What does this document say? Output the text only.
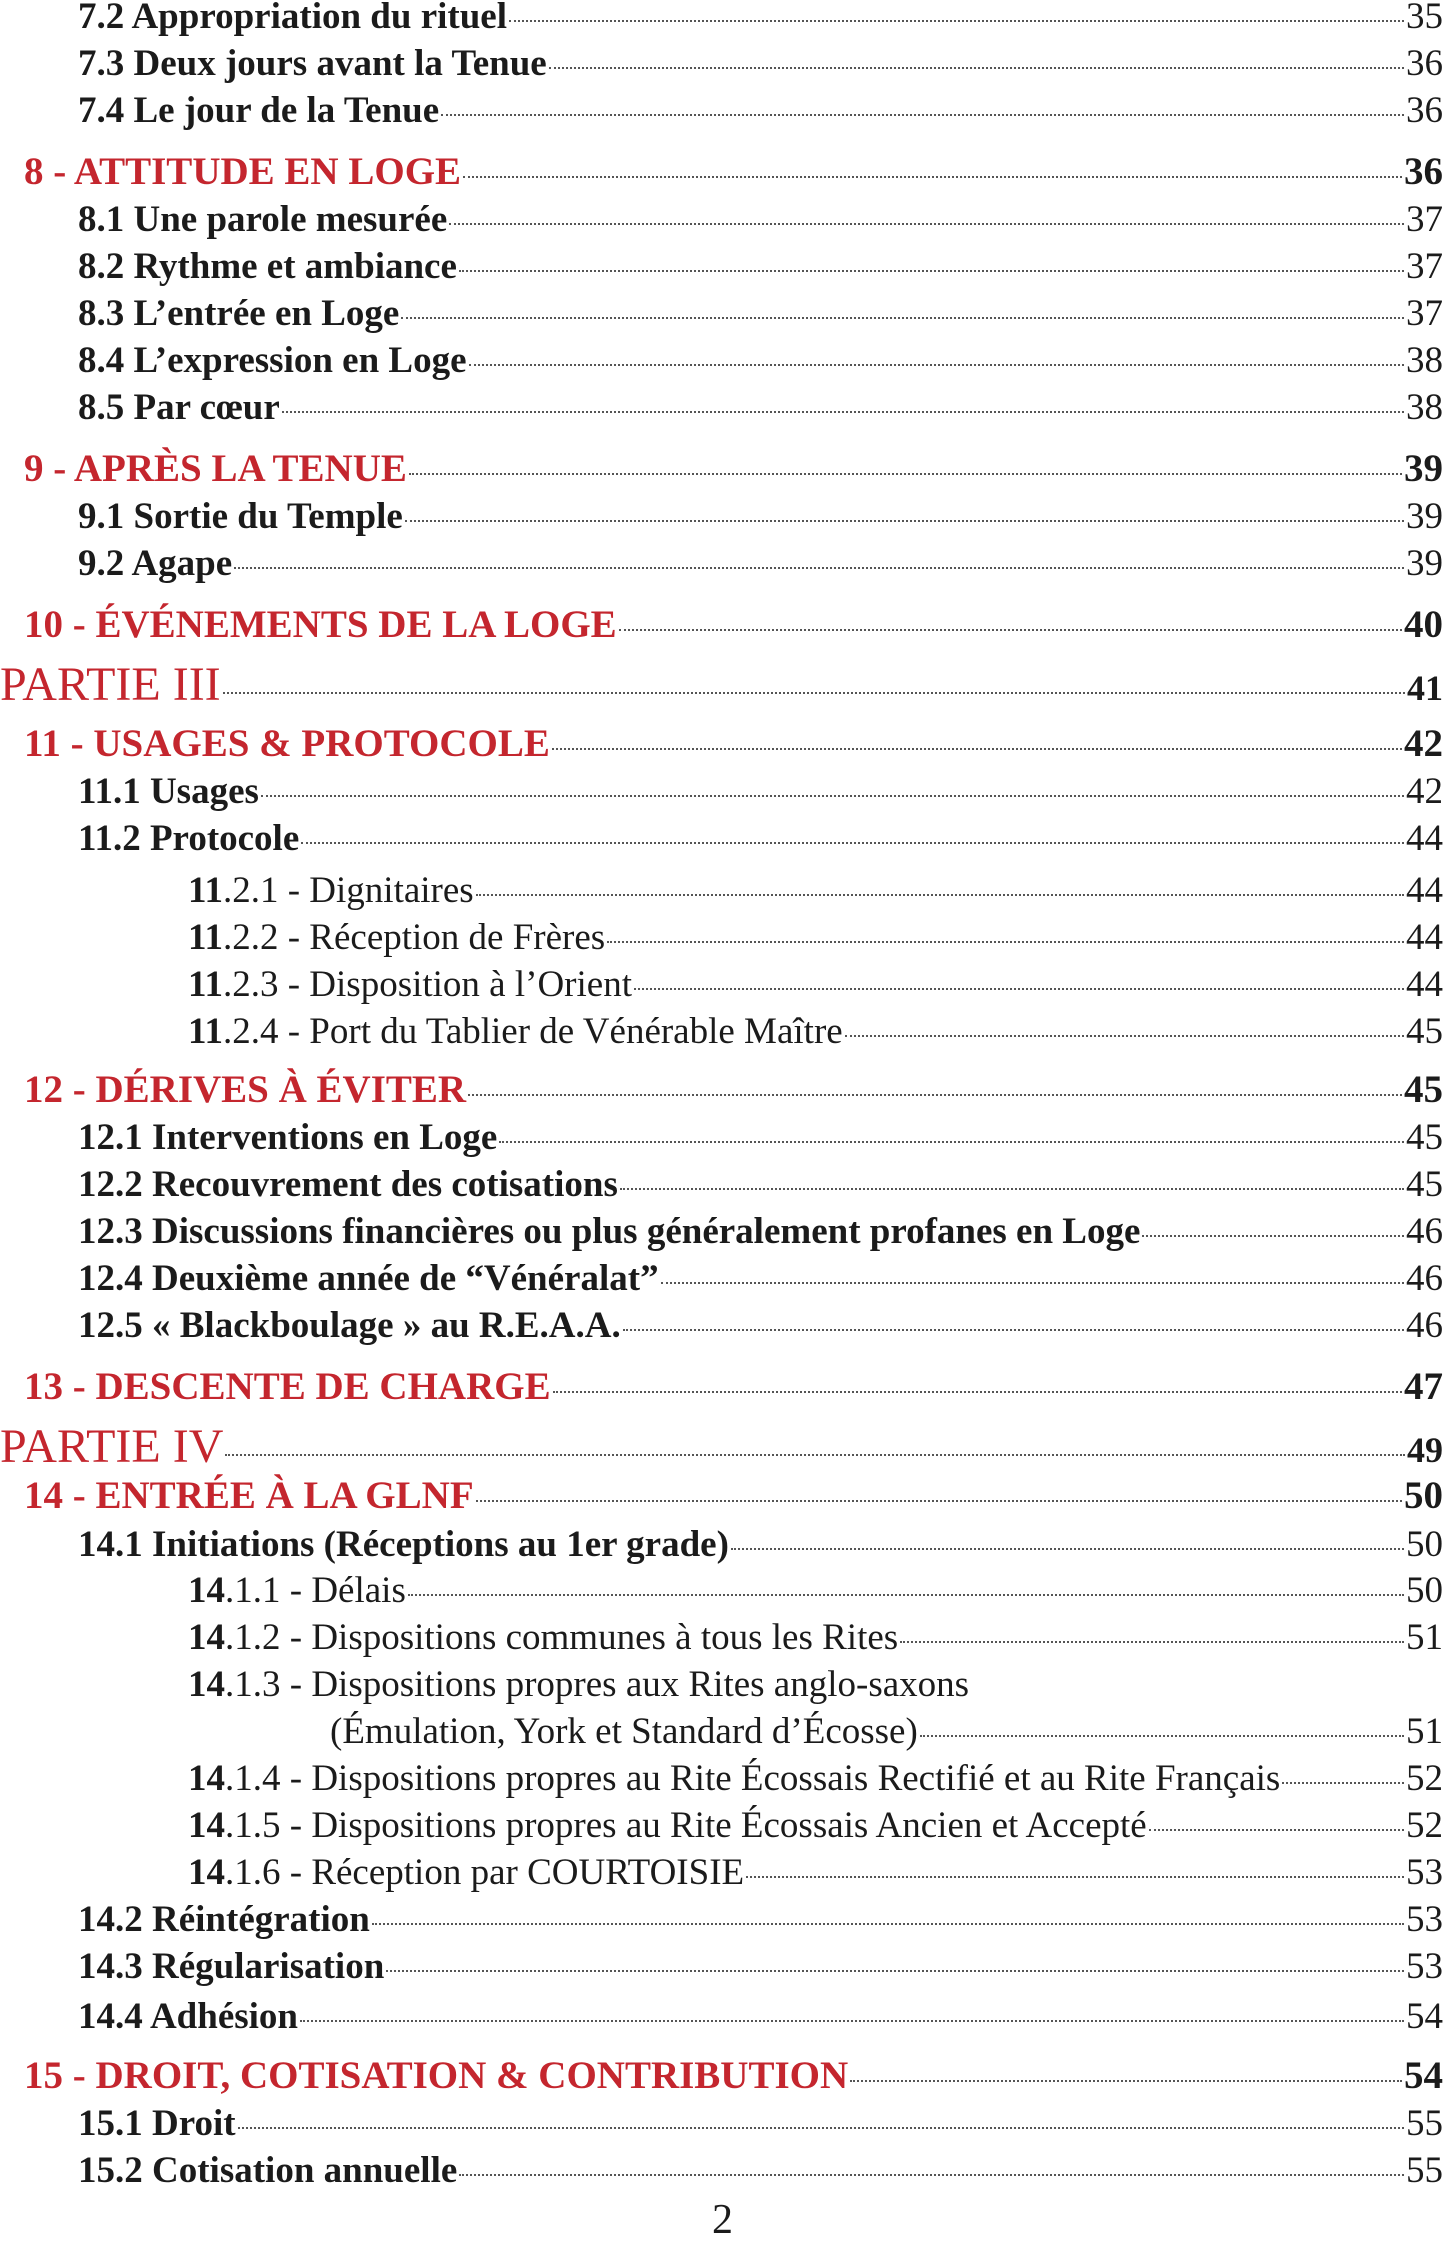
7.2 Appropriation du rituel	35
7.3 Deux jours avant la Tenue	36
7.4 Le jour de la Tenue	36
8 - ATTITUDE EN LOGE	36
8.1 Une parole mesurée	37
8.2 Rythme et ambiance	37
8.3 L’entrée en Loge	37
8.4 L’expression en Loge	38
8.5 Par cœur	38
9 - APRÈS LA TENUE	39
9.1 Sortie du Temple	39
9.2 Agape	39
10 - ÉVÉNEMENTS DE LA LOGE	40
PARTIE III	41
11 - USAGES & PROTOCOLE	42
11.1 Usages	42
11.2 Protocole	44
11.2.1 - Dignitaires	44
11.2.2 - Réception de Frères	44
11.2.3 - Disposition à l’Orient	44
11.2.4 - Port du Tablier de Vénérable Maître	45
12 - DÉRIVES À ÉVITER	45
12.1 Interventions en Loge	45
12.2 Recouvrement des cotisations	45
12.3 Discussions financières ou plus généralement profanes en Loge	46
12.4 Deuxième année de “Vénéralat”	46
12.5 « Blackboulage » au R.E.A.A.	46
13 - DESCENTE DE CHARGE	47
PARTIE IV	49
14 - ENTRÉE À LA GLNF	50
14.1 Initiations (Réceptions au 1er grade)	50
14.1.1 - Délais	50
14.1.2 - Dispositions communes à tous les Rites	51
14.1.3 - Dispositions propres aux Rites anglo-saxons
(Émulation, York et Standard d’Écosse)	51
14.1.4 - Dispositions propres au Rite Écossais Rectifié et au Rite Français	52
14.1.5 - Dispositions propres au Rite Écossais Ancien et Accepté	52
14.1.6 - Réception par COURTOISIE	53
14.2 Réintégration	53
14.3 Régularisation	53
14.4 Adhésion	54
15 - DROIT, COTISATION & CONTRIBUTION	54
15.1 Droit	55
15.2 Cotisation annuelle	55
2
